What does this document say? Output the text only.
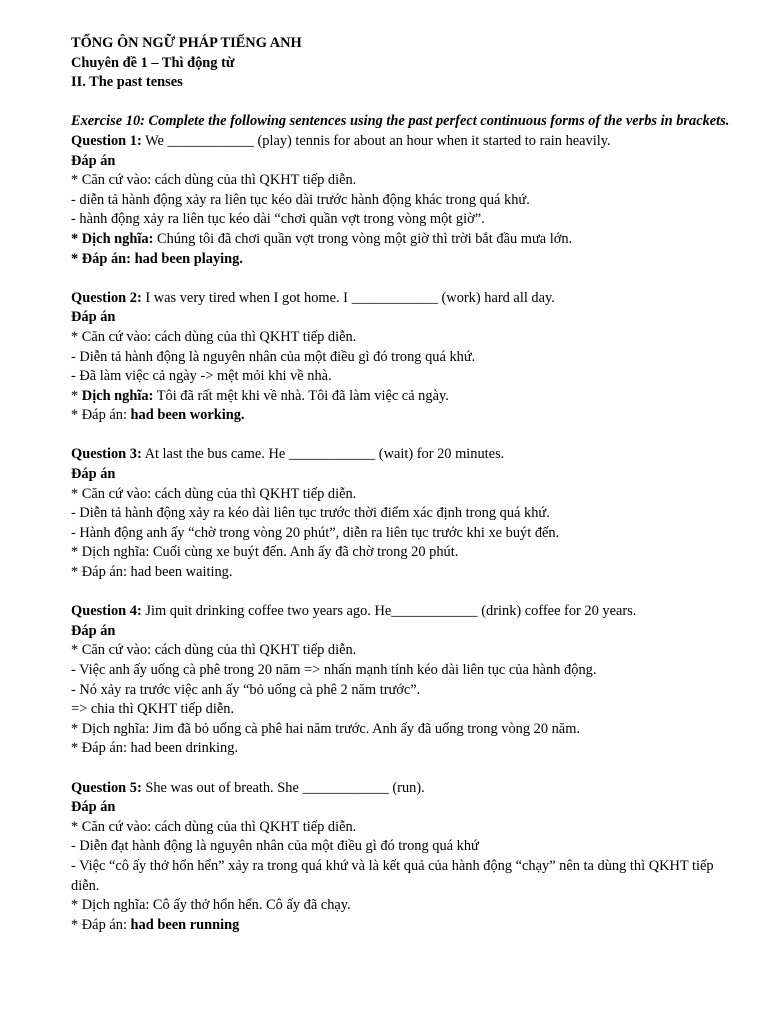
TỔNG ÔN NGỮ PHÁP TIẾNG ANH
Chuyên đề 1 – Thì động từ
II. The past tenses
Exercise 10: Complete the following sentences using the past perfect continuous forms of the verbs in brackets.
Question 1: We ____________ (play) tennis for about an hour when it started to rain heavily.
Đáp án
* Căn cứ vào: cách dùng của thì QKHT tiếp diễn.
- diễn tả hành động xảy ra liên tục kéo dài trước hành động khác trong quá khứ.
- hành động xảy ra liên tục kéo dài “chơi quần vợt trong vòng một giờ”.
* Dịch nghĩa: Chúng tôi đã chơi quần vợt trong vòng một giờ thì trời bắt đầu mưa lớn.
* Đáp án: had been playing.
Question 2: I was very tired when I got home. I ____________ (work) hard all day.
Đáp án
* Căn cứ vào: cách dùng của thì QKHT tiếp diễn.
- Diễn tả hành động là nguyên nhân của một điều gì đó trong quá khứ.
- Đã làm việc cả ngày -> mệt mỏi khi về nhà.
* Dịch nghĩa: Tôi đã rất mệt khi về nhà. Tôi đã làm việc cả ngày.
* Đáp án: had been working.
Question 3: At last the bus came. He ____________ (wait) for 20 minutes.
Đáp án
* Căn cứ vào: cách dùng của thì QKHT tiếp diễn.
- Diễn tả hành động xảy ra kéo dài liên tục trước thời điểm xác định trong quá khứ.
- Hành động anh ấy “chờ trong vòng 20 phút”, diễn ra liên tục trước khi xe buýt đến.
* Dịch nghĩa: Cuối cùng xe buýt đến. Anh ấy đã chờ trong 20 phút.
* Đáp án: had been waiting.
Question 4: Jim quit drinking coffee two years ago. He____________ (drink) coffee for 20 years.
Đáp án
* Căn cứ vào: cách dùng của thì QKHT tiếp diễn.
- Việc anh ấy uống cà phê trong 20 năm => nhấn mạnh tính kéo dài liên tục của hành động.
- Nó xảy ra trước việc anh ấy “bỏ uống cà phê 2 năm trước”.
=> chia thì QKHT tiếp diễn.
* Dịch nghĩa: Jim đã bỏ uống cà phê hai năm trước. Anh ấy đã uống trong vòng 20 năm.
* Đáp án: had been drinking.
Question 5: She was out of breath. She ____________ (run).
Đáp án
* Căn cứ vào: cách dùng của thì QKHT tiếp diễn.
- Diễn đạt hành động là nguyên nhân của một điều gì đó trong quá khứ
- Việc “cô ấy thở hổn hển” xảy ra trong quá khứ và là kết quả của hành động “chạy” nên ta dùng thì QKHT tiếp diễn.
* Dịch nghĩa: Cô ấy thở hổn hển. Cô ấy đã chạy.
* Đáp án: had been running
